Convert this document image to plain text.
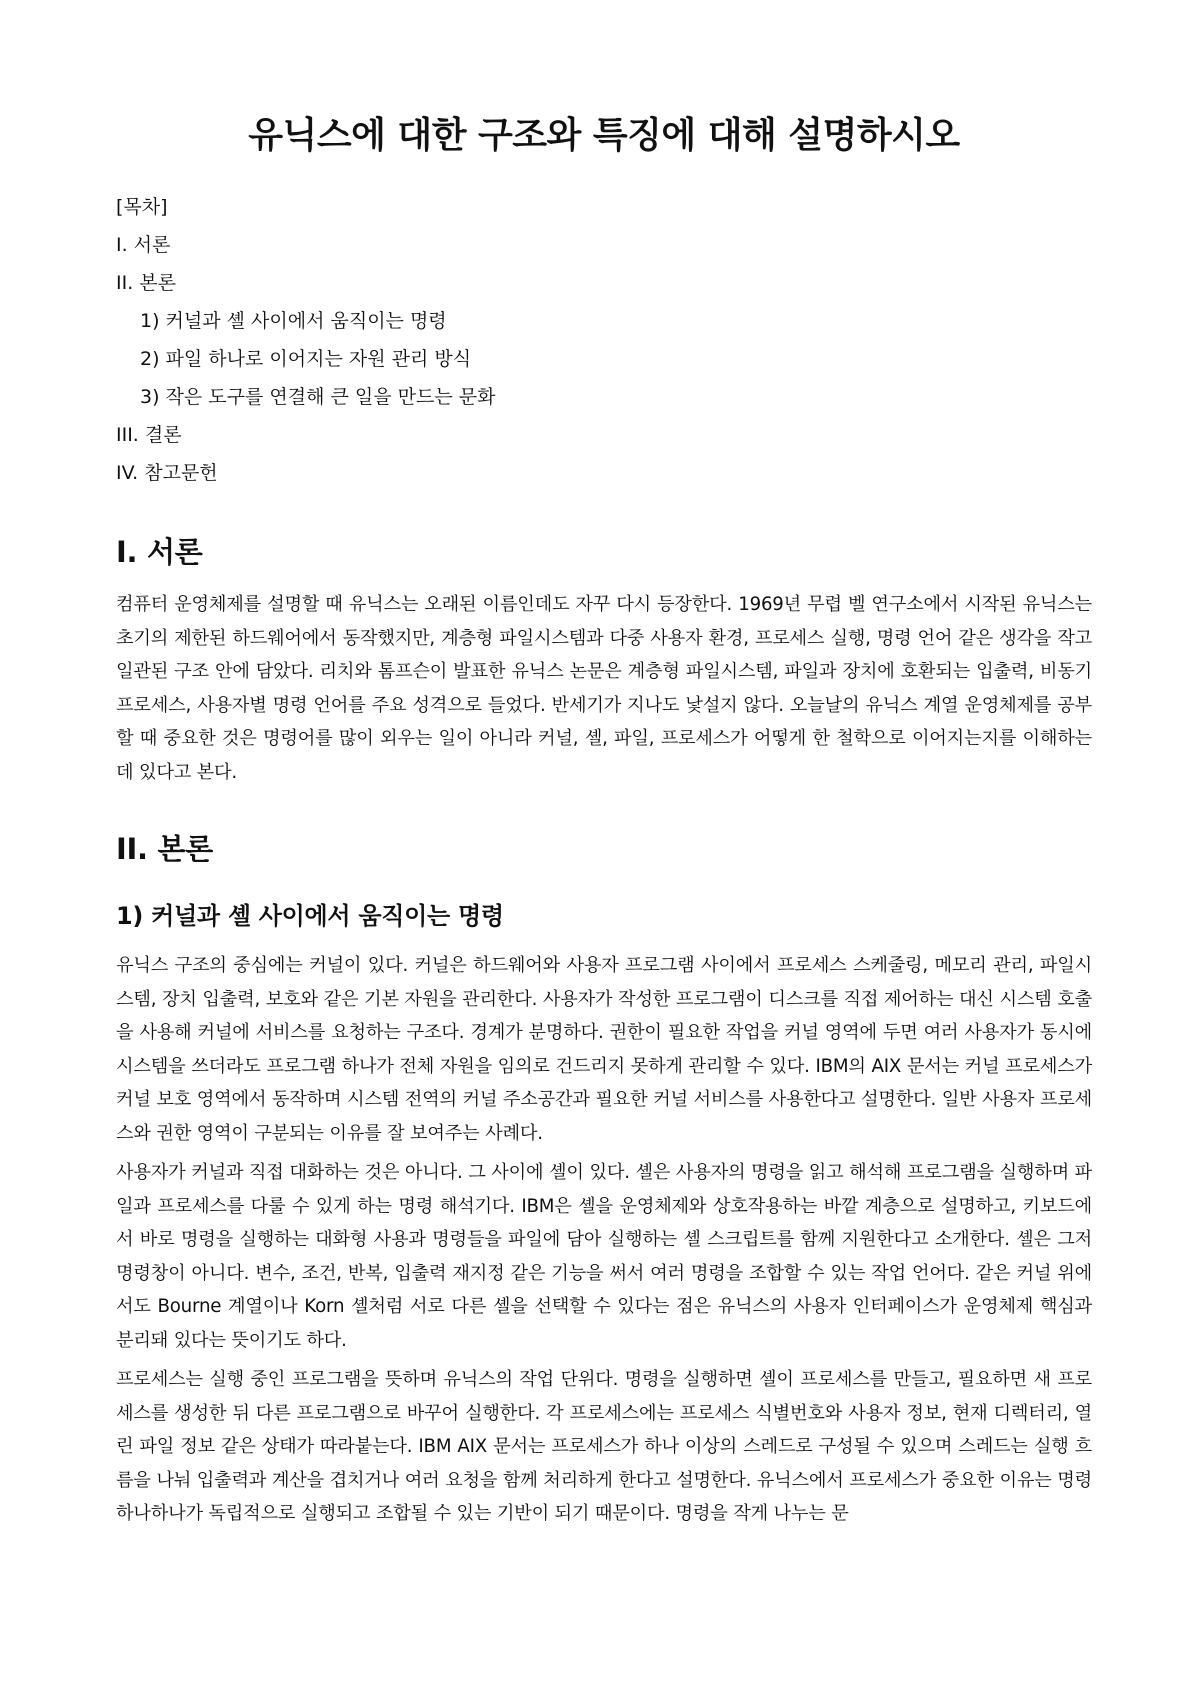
유닉스에 대한 구조와 특징에 대해 설명하시오
[목차]
I. 서론
II. 본론
1) 커널과 셸 사이에서 움직이는 명령
2) 파일 하나로 이어지는 자원 관리 방식
3) 작은 도구를 연결해 큰 일을 만드는 문화
III. 결론
IV. 참고문헌
I. 서론

컴퓨터 운영체제를 설명할 때 유닉스는 오래된 이름인데도 자꾸 다시 등장한다. 1969년 무렵 벨 연구소에서 시작된 유닉스는 초기의 제한된 하드웨어에서 동작했지만, 계층형 파일시스템과 다중 사용자 환경, 프로세스 실행, 명령 언어 같은 생각을 작고 일관된 구조 안에 담았다. 리치와 톰프슨이 발표한 유닉스 논문은 계층형 파일시스템, 파일과 장치에 호환되는 입출력, 비동기 프로세스, 사용자별 명령 언어를 주요 성격으로 들었다. 반세기가 지나도 낯설지 않다. 오늘날의 유닉스 계열 운영체제를 공부할 때 중요한 것은 명령어를 많이 외우는 일이 아니라 커널, 셸, 파일, 프로세스가 어떻게 한 철학으로 이어지는지를 이해하는 데 있다고 본다.

II. 본론
1) 커널과 셸 사이에서 움직이는 명령

유닉스 구조의 중심에는 커널이 있다. 커널은 하드웨어와 사용자 프로그램 사이에서 프로세스 스케줄링, 메모리 관리, 파일시스템, 장치 입출력, 보호와 같은 기본 자원을 관리한다. 사용자가 작성한 프로그램이 디스크를 직접 제어하는 대신 시스템 호출을 사용해 커널에 서비스를 요청하는 구조다. 경계가 분명하다. 권한이 필요한 작업을 커널 영역에 두면 여러 사용자가 동시에 시스템을 쓰더라도 프로그램 하나가 전체 자원을 임의로 건드리지 못하게 관리할 수 있다. IBM의 AIX 문서는 커널 프로세스가 커널 보호 영역에서 동작하며 시스템 전역의 커널 주소공간과 필요한 커널 서비스를 사용한다고 설명한다. 일반 사용자 프로세스와 권한 영역이 구분되는 이유를 잘 보여주는 사례다.

사용자가 커널과 직접 대화하는 것은 아니다. 그 사이에 셸이 있다. 셸은 사용자의 명령을 읽고 해석해 프로그램을 실행하며 파일과 프로세스를 다룰 수 있게 하는 명령 해석기다. IBM은 셸을 운영체제와 상호작용하는 바깥 계층으로 설명하고, 키보드에서 바로 명령을 실행하는 대화형 사용과 명령들을 파일에 담아 실행하는 셸 스크립트를 함께 지원한다고 소개한다. 셸은 그저 명령창이 아니다. 변수, 조건, 반복, 입출력 재지정 같은 기능을 써서 여러 명령을 조합할 수 있는 작업 언어다. 같은 커널 위에서도 Bourne 계열이나 Korn 셸처럼 서로 다른 셸을 선택할 수 있다는 점은 유닉스의 사용자 인터페이스가 운영체제 핵심과 분리돼 있다는 뜻이기도 하다.

프로세스는 실행 중인 프로그램을 뜻하며 유닉스의 작업 단위다. 명령을 실행하면 셸이 프로세스를 만들고, 필요하면 새 프로세스를 생성한 뒤 다른 프로그램으로 바꾸어 실행한다. 각 프로세스에는 프로세스 식별번호와 사용자 정보, 현재 디렉터리, 열린 파일 정보 같은 상태가 따라붙는다. IBM AIX 문서는 프로세스가 하나 이상의 스레드로 구성될 수 있으며 스레드는 실행 흐름을 나눠 입출력과 계산을 겹치거나 여러 요청을 함께 처리하게 한다고 설명한다. 유닉스에서 프로세스가 중요한 이유는 명령 하나하나가 독립적으로 실행되고 조합될 수 있는 기반이 되기 때문이다. 명령을 작게 나누는 문
